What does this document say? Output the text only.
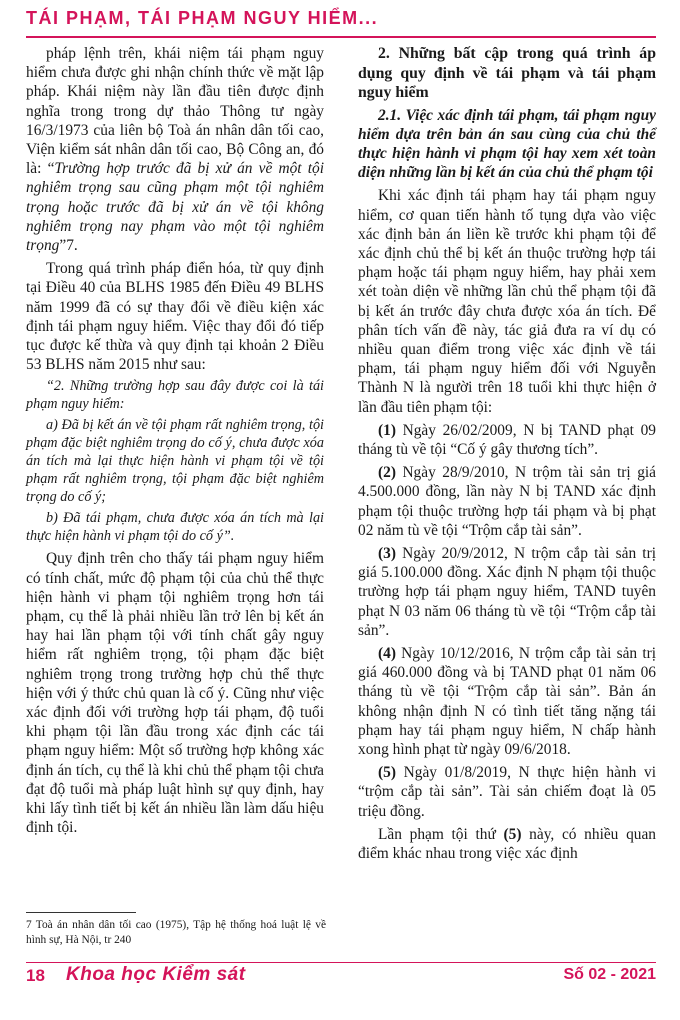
TÁI PHẠM, TÁI PHẠM NGUY HIỂM...

pháp lệnh trên, khái niệm tái phạm nguy hiểm chưa được ghi nhận chính thức về mặt lập pháp. Khái niệm này lần đầu tiên được định nghĩa trong trong dự thảo Thông tư ngày 16/3/1973 của liên bộ Toà án nhân dân tối cao, Viện kiểm sát nhân dân tối cao, Bộ Công an, đó là: “Trường hợp trước đã bị xử án về một tội nghiêm trọng sau cũng phạm một tội nghiêm trọng hoặc trước đã bị xử án về tội không nghiêm trọng nay phạm vào một tội nghiêm trọng”7.

Trong quá trình pháp điển hóa, từ quy định tại Điều 40 của BLHS 1985 đến Điều 49 BLHS năm 1999 đã có sự thay đổi về điều kiện xác định tái phạm nguy hiểm. Việc thay đổi đó tiếp tục được kế thừa và quy định tại khoản 2 Điều 53 BLHS năm 2015 như sau:

“2. Những trường hợp sau đây được coi là tái phạm nguy hiểm:

a) Đã bị kết án về tội phạm rất nghiêm trọng, tội phạm đặc biệt nghiêm trọng do cố ý, chưa được xóa án tích mà lại thực hiện hành vi phạm tội về tội phạm rất nghiêm trọng, tội phạm đặc biệt nghiêm trọng do cố ý;

b) Đã tái phạm, chưa được xóa án tích mà lại thực hiện hành vi phạm tội do cố ý”.

Quy định trên cho thấy tái phạm nguy hiểm có tính chất, mức độ phạm tội của chủ thể thực hiện hành vi phạm tội nghiêm trọng hơn tái phạm, cụ thể là phải nhiều lần trở lên bị kết án hay hai lần phạm tội với tính chất gây nguy hiểm rất nghiêm trọng, tội phạm đặc biệt nghiêm trọng trong trường hợp chủ thể thực hiện với ý thức chủ quan là cố ý. Cũng như việc xác định đối với trường hợp tái phạm, độ tuổi khi phạm tội lần đầu trong xác định các tái phạm nguy hiểm: Một số trường hợp không xác định án tích, cụ thể là khi chủ thể phạm tội chưa đạt độ tuổi mà pháp luật hình sự quy định, hay khi lấy tình tiết bị kết án nhiều lần làm dấu hiệu định tội.

7 Toà án nhân dân tối cao (1975), Tập hệ thống hoá luật lệ về hình sự, Hà Nội, tr 240

2. Những bất cập trong quá trình áp dụng quy định về tái phạm và tái phạm nguy hiểm

2.1. Việc xác định tái phạm, tái phạm nguy hiểm dựa trên bản án sau cùng của chủ thể thực hiện hành vi phạm tội hay xem xét toàn diện những lần bị kết án của chủ thể phạm tội

Khi xác định tái phạm hay tái phạm nguy hiểm, cơ quan tiến hành tố tụng dựa vào việc xác định bản án liền kề trước khi phạm tội để xác định chủ thể bị kết án thuộc trường hợp tái phạm hoặc tái phạm nguy hiểm, hay phải xem xét toàn diện về những lần chủ thể phạm tội đã bị kết án trước đây chưa được xóa án tích. Để phân tích vấn đề này, tác giả đưa ra ví dụ có nhiều quan điểm trong việc xác định về tái phạm, tái phạm nguy hiểm đối với Nguyễn Thành N là người trên 18 tuổi khi thực hiện ở lần đầu tiên phạm tội:

(1) Ngày 26/02/2009, N bị TAND phạt 09 tháng tù về tội “Cố ý gây thương tích”.

(2) Ngày 28/9/2010, N trộm tài sản trị giá 4.500.000 đồng, lần này N bị TAND xác định phạm tội thuộc trường hợp tái phạm và bị phạt 02 năm tù về tội “Trộm cắp tài sản”.

(3) Ngày 20/9/2012, N trộm cắp tài sản trị giá 5.100.000 đồng. Xác định N phạm tội thuộc trường hợp tái phạm nguy hiểm, TAND tuyên phạt N 03 năm 06 tháng tù về tội “Trộm cắp tài sản”.

(4) Ngày 10/12/2016, N trộm cắp tài sản trị giá 460.000 đồng và bị TAND phạt 01 năm 06 tháng tù về tội “Trộm cắp tài sản”. Bản án không nhận định N có tình tiết tăng nặng tái phạm hay tái phạm nguy hiểm, N chấp hành xong hình phạt từ ngày 09/6/2018.

(5) Ngày 01/8/2019, N thực hiện hành vi “trộm cắp tài sản”. Tài sản chiếm đoạt là 05 triệu đồng.

Lần phạm tội thứ (5) này, có nhiều quan điểm khác nhau trong việc xác định

18 Khoa học Kiểm sát	Số 02 - 2021
